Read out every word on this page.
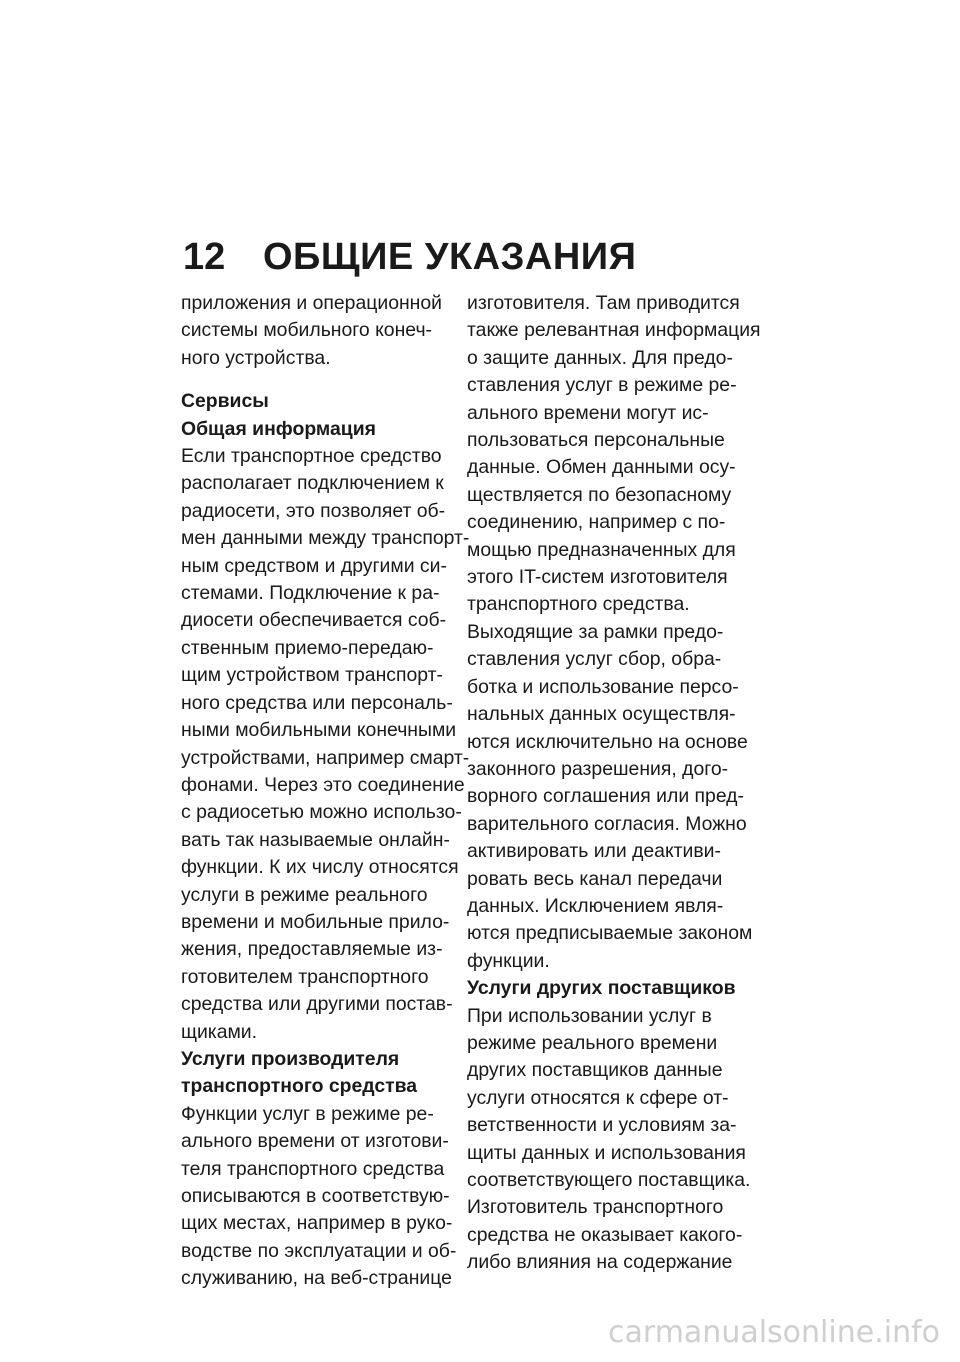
12 ОБЩИЕ УКАЗАНИЯ
приложения и операционной
системы мобильного конеч-
ного устройства.
Сервисы
Общая информация
Если транспортное средство
располагает подключением к
радиосети, это позволяет об-
мен данными между транспорт-
ным средством и другими си-
стемами. Подключение к ра-
диосети обеспечивается соб-
ственным приемо-передаю-
щим устройством транспорт-
ного средства или персональ-
ными мобильными конечными
устройствами, например смарт-
фонами. Через это соединение
с радиосетью можно использо-
вать так называемые онлайн-
функции. К их числу относятся
услуги в режиме реального
времени и мобильные прило-
жения, предоставляемые из-
готовителем транспортного
средства или другими постав-
щиками.
Услуги производителя
транспортного средства
Функции услуг в режиме ре-
ального времени от изготови-
теля транспортного средства
описываются в соответствую-
щих местах, например в руко-
водстве по эксплуатации и об-
служиванию, на веб-странице
изготовителя. Там приводится
также релевантная информация
о защите данных. Для предо-
ставления услуг в режиме ре-
ального времени могут ис-
пользоваться персональные
данные. Обмен данными осу-
ществляется по безопасному
соединению, например с по-
мощью предназначенных для
этого IT-систем изготовителя
транспортного средства.
Выходящие за рамки предо-
ставления услуг сбор, обра-
ботка и использование персо-
нальных данных осуществля-
ются исключительно на основе
законного разрешения, дого-
ворного соглашения или пред-
варительного согласия. Можно
активировать или деактиви-
ровать весь канал передачи
данных. Исключением явля-
ются предписываемые законом
функции.
Услуги других поставщиков
При использовании услуг в
режиме реального времени
других поставщиков данные
услуги относятся к сфере от-
ветственности и условиям за-
щиты данных и использования
соответствующего поставщика.
Изготовитель транспортного
средства не оказывает какого-
либо влияния на содержание
carmanualsonline.info
